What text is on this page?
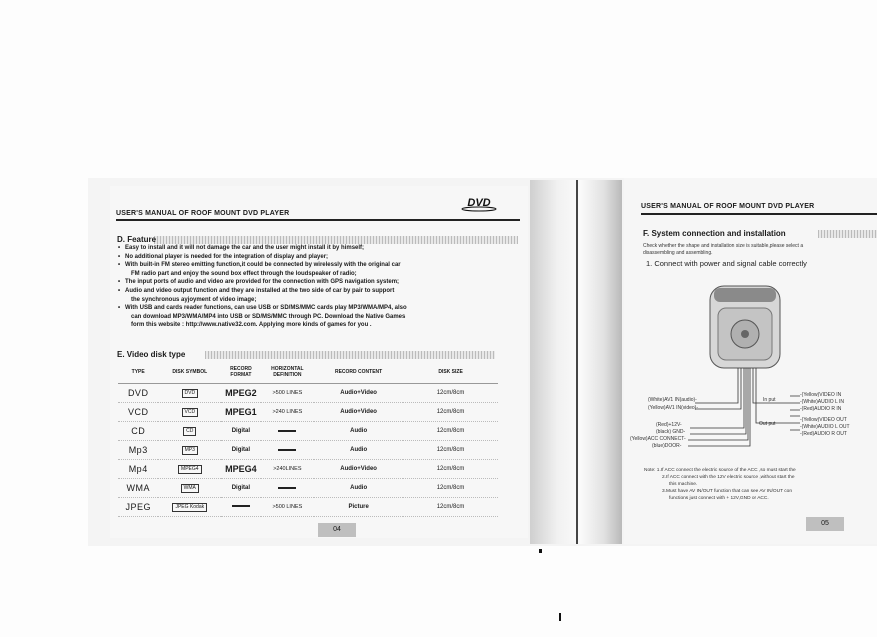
USER'S MANUAL OF ROOF MOUNT DVD PLAYER
DVD
D. Feature
• Easy to install and it will not damage the car and the user might install it by himself;
• No additional player is needed for the integration of display and player;
• With built-in FM stereo emitting function,it could be connected by wirelessly with the original car
FM radio part and enjoy the sound box effect through the loudspeaker of radio;
• The input ports of audio and video are provided for the connection with GPS navigation system;
• Audio and video output function and they are installed at the two side of car by pair to support
the synchronous ayjoyment of video image;
• With USB and cards reader functions, can use USB or SD/MS/MMC cards play MP3/WMA/MP4, also
can download MP3/WMA/MP4 into USB or SD/MS/MMC through PC. Download the Native Games
form this website : http://www.native32.com. Applying more kinds of games for you .
E. Video disk type
TYPE	DISK SYMBOL	RECORD FORMAT	HORIZONTAL DEFINITION	RECORD CONTENT	DISK SIZE
DVD	DVD	MPEG2	>500 LINES	Audio+Video	12cm/8cm
VCD	VCD	MPEG1	>240 LINES	Audio+Video	12cm/8cm
CD	CD	Digital		Audio	12cm/8cm
Mp3	MP3	Digital		Audio	12cm/8cm
Mp4	MPEG4	MPEG4	>240LINES	Audio+Video	12cm/8cm
WMA	WMA	Digital		Audio	12cm/8cm
JPEG	JPEG Kodak		>500 LINES	Picture	12cm/8cm
04
USER'S MANUAL OF ROOF MOUNT DVD PLAYER
F. System connection and installation
Check whether the shape and installation size is suitable,please select a
disassembling and assembling.
1. Connect with power and signal cable correctly
(White)AV1 IN(audio)-
(Yellow)AV1 IN(video)-
(Red)+12V-
(black) GND-
(Yellow)ACC CONNECT-
(blue)DOOR-
In put
Out put
-(Yellow)VIDEO IN
-(White)AUDIO L IN
-(Red)AUDIO R IN
-(Yellow)VIDEO OUT
-(White)AUDIO L OUT
-(Red)AUDIO R OUT
Note: 1.If ACC connect the electric source of the ACC ,so must start the
2.If ACC connect with the 12V electric source ,without start the
this machine.
3.Must have AV IN/OUT function that can see AV IN/OUT con
functions just connect with + 12V,GND or ACC.
05
